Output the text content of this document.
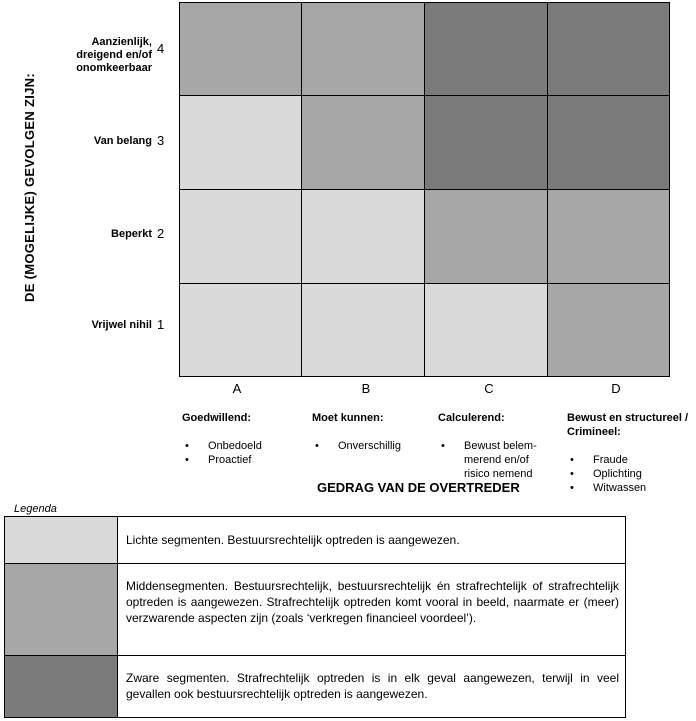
DE (MOGELIJKE) GEVOLGEN ZIJN:
Aanzienlijk, dreigend en/of onomkeerbaar
Van belang
Beperkt
Vrijwel nihil
4
3
2
1
A	B	C	D
Goedwillend:
• Onbedoeld
• Proactief
Moet kunnen:
• Onverschillig
Calculerend:
• Bewust belem-merend en/of risico nemend
Bewust en structureel / Crimineel:
• Fraude
• Oplichting
• Witwassen
GEDRAG VAN DE OVERTREDER
Legenda
Lichte segmenten. Bestuursrechtelijk optreden is aangewezen.
Middensegmenten. Bestuursrechtelijk, bestuursrechtelijk én strafrechtelijk of strafrechtelijk optreden is aangewezen. Strafrechtelijk optreden komt vooral in beeld, naarmate er (meer) verzwarende aspecten zijn (zoals ‘verkregen financieel voordeel’).
Zware segmenten. Strafrechtelijk optreden is in elk geval aangewezen, terwijl in veel gevallen ook bestuursrechtelijk optreden is aangewezen.
